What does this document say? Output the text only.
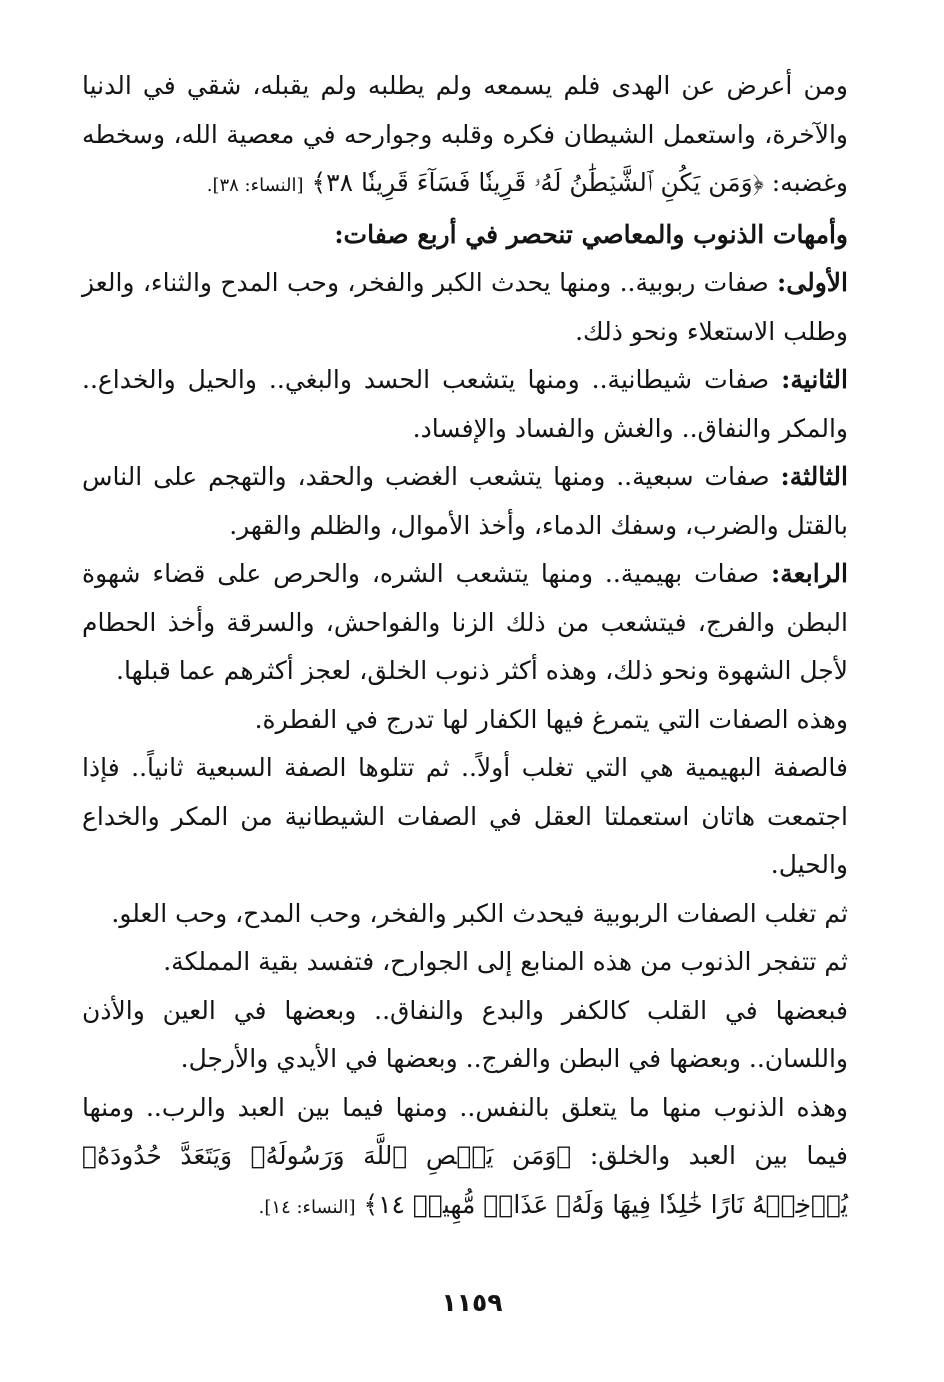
ومن أعرض عن الهدى فلم يسمعه ولم يطلبه ولم يقبله، شقي في الدنيا والآخرة، واستعمل الشيطان فكره وقلبه وجوارحه في معصية الله، وسخطه وغضبه: ﴿وَمَن يَكُنِ ٱلشَّيۡطَٰنُ لَهُۥ قَرِينٗا فَسَآءَ قَرِينٗا ٣٨﴾ [النساء: ٣٨].

وأمهات الذنوب والمعاصي تنحصر في أربع صفات:

الأولى: صفات ربوبية.. ومنها يحدث الكبر والفخر، وحب المدح والثناء، والعز وطلب الاستعلاء ونحو ذلك.

الثانية: صفات شيطانية.. ومنها يتشعب الحسد والبغي.. والحيل والخداع.. والمكر والنفاق.. والغش والفساد والإفساد.

الثالثة: صفات سبعية.. ومنها يتشعب الغضب والحقد، والتهجم على الناس بالقتل والضرب، وسفك الدماء، وأخذ الأموال، والظلم والقهر.

الرابعة: صفات بهيمية.. ومنها يتشعب الشره، والحرص على قضاء شهوة البطن والفرج، فيتشعب من ذلك الزنا والفواحش، والسرقة وأخذ الحطام لأجل الشهوة ونحو ذلك، وهذه أكثر ذنوب الخلق، لعجز أكثرهم عما قبلها.

وهذه الصفات التي يتمرغ فيها الكفار لها تدرج في الفطرة.

فالصفة البهيمية هي التي تغلب أولاً.. ثم تتلوها الصفة السبعية ثانياً.. فإذا اجتمعت هاتان استعملتا العقل في الصفات الشيطانية من المكر والخداع والحيل.

ثم تغلب الصفات الربوبية فيحدث الكبر والفخر، وحب المدح، وحب العلو.

ثم تتفجر الذنوب من هذه المنابع إلى الجوارح، فتفسد بقية المملكة.

فبعضها في القلب كالكفر والبدع والنفاق.. وبعضها في العين والأذن واللسان.. وبعضها في البطن والفرج.. وبعضها في الأيدي والأرجل.

وهذه الذنوب منها ما يتعلق بالنفس.. ومنها فيما بين العبد والرب.. ومنها فيما بين العبد والخلق: ﴿وَمَن يَعۡصِ ٱللَّهَ وَرَسُولَهُۥ وَيَتَعَدَّ حُدُودَهُۥ يُدۡخِلۡهُ نَارًا خَٰلِدٗا فِيهَا وَلَهُۥ عَذَابٞ مُّهِينٞ ١٤﴾ [النساء: ١٤].

١١٥٩
